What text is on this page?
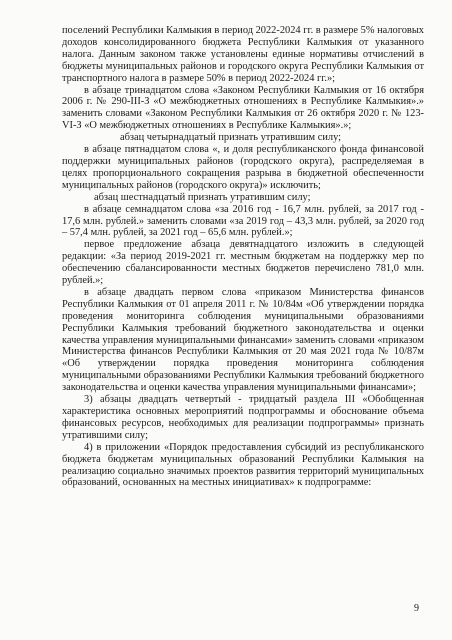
поселений Республики Калмыкия в период 2022-2024 гг. в размере 5% налоговых доходов консолидированного бюджета Республики Калмыкия от указанного налога. Данным законом также установлены единые нормативы отчислений в бюджеты муниципальных районов и городского округа Республики Калмыкия от транспортного налога в размере 50% в период 2022-2024 гг.»;

в абзаце тринадцатом слова «Законом Республики Калмыкия от 16 октября 2006 г. № 290-III-З «О межбюджетных отношениях в Республике Калмыкия».» заменить словами «Законом Республики Калмыкия от 26 октября 2020 г. № 123-VI-З «О межбюджетных отношениях в Республике Калмыкия».»;

абзац четырнадцатый признать утратившим силу;

в абзаце пятнадцатом слова «, и доля республиканского фонда финансовой поддержки муниципальных районов (городского округа), распределяемая в целях пропорционального сокращения разрыва в бюджетной обеспеченности муниципальных районов (городского округа)» исключить;

абзац шестнадцатый признать утратившим силу;

в абзаце семнадцатом слова «за 2016 год - 16,7 млн. рублей, за 2017 год - 17,6 млн. рублей.» заменить словами «за 2019 год – 43,3 млн. рублей, за 2020 год – 57,4 млн. рублей, за 2021 год – 65,6 млн. рублей.»;

первое предложение абзаца девятнадцатого изложить в следующей редакции: «За период 2019-2021 гг. местным бюджетам на поддержку мер по обеспечению сбалансированности местных бюджетов перечислено 781,0 млн. рублей.»;

в абзаце двадцать первом слова «приказом Министерства финансов Республики Калмыкия от 01 апреля 2011 г. № 10/84м «Об утверждении порядка проведения мониторинга соблюдения муниципальными образованиями Республики Калмыкия требований бюджетного законодательства и оценки качества управления муниципальными финансами» заменить словами «приказом Министерства финансов Республики Калмыкия от 20 мая 2021 года № 10/87м «Об утверждении порядка проведения мониторинга соблюдения муниципальными образованиями Республики Калмыкия требований бюджетного законодательства и оценки качества управления муниципальными финансами»;

3) абзацы двадцать четвертый - тридцатый раздела III «Обобщенная характеристика основных мероприятий подпрограммы и обоснование объема финансовых ресурсов, необходимых для реализации подпрограммы» признать утратившими силу;

4) в приложении «Порядок предоставления субсидий из республиканского бюджета бюджетам муниципальных образований Республики Калмыкия на реализацию социально значимых проектов развития территорий муниципальных образований, основанных на местных инициативах» к подпрограмме:

9
